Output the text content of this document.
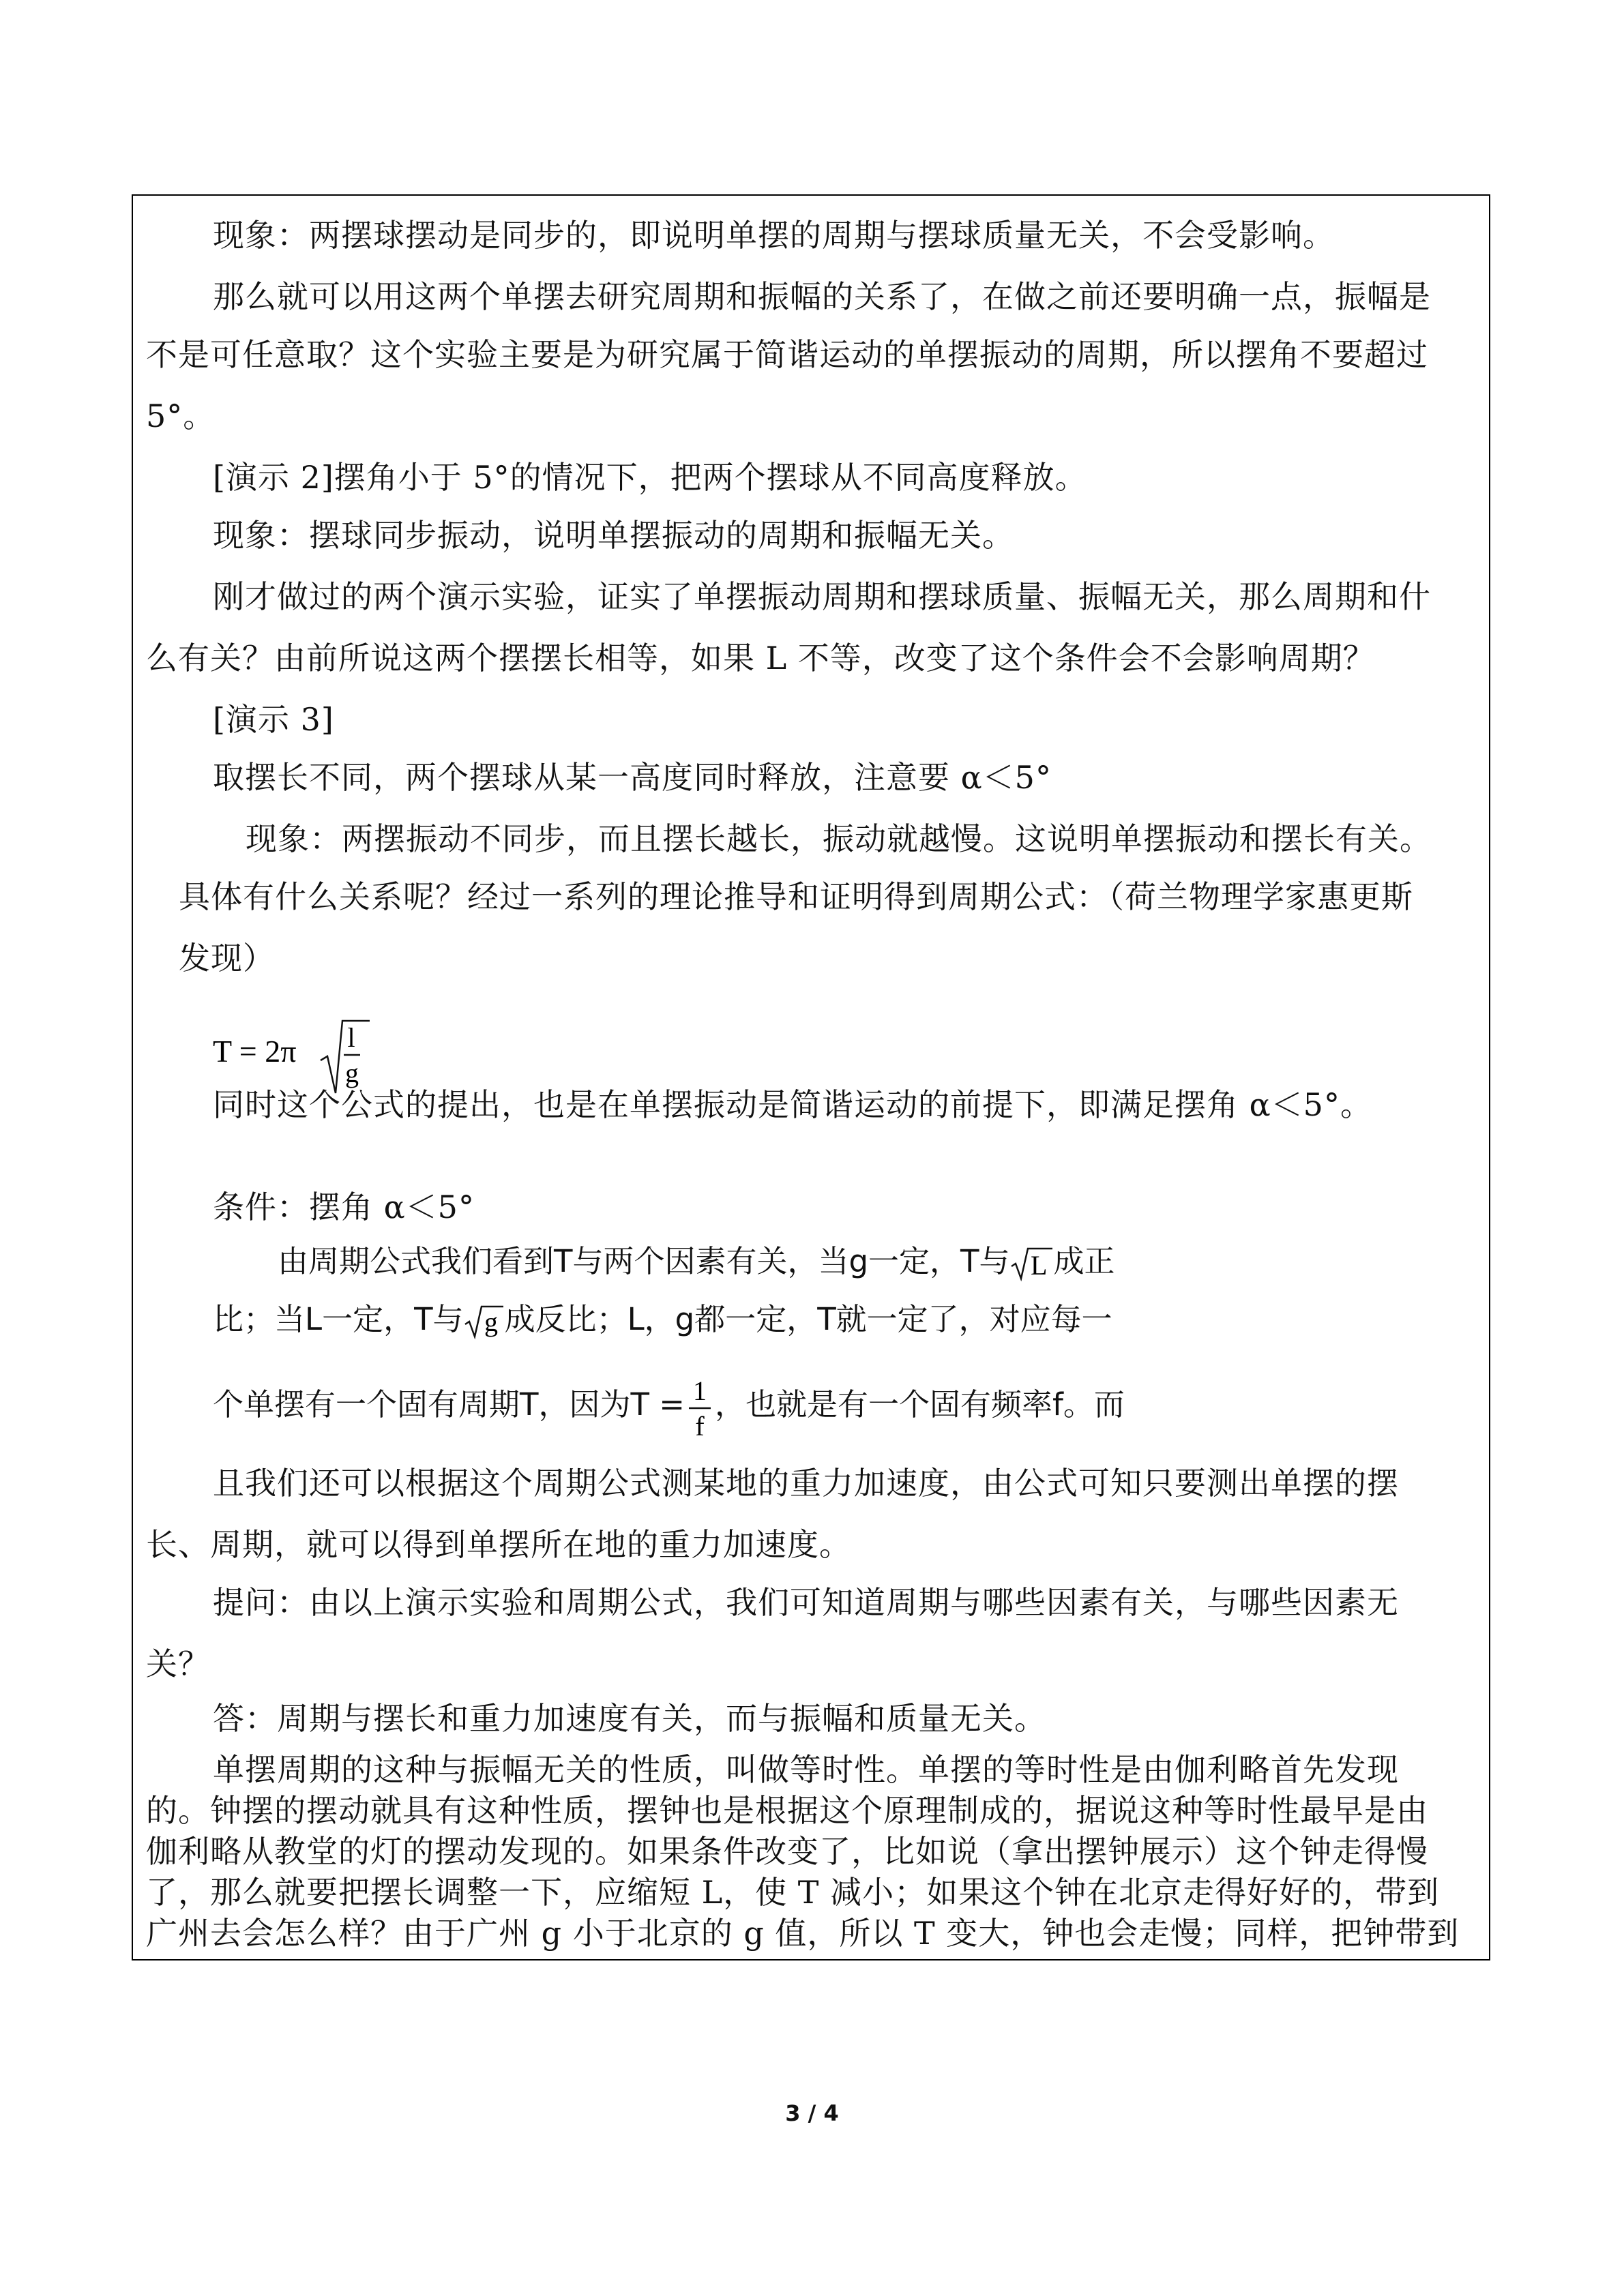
现象：两摆球摆动是同步的，即说明单摆的周期与摆球质量无关，不会受影响。

那么就可以用这两个单摆去研究周期和振幅的关系了，在做之前还要明确一点，振幅是

不是可任意取？这个实验主要是为研究属于简谐运动的单摆振动的周期，所以摆角不要超过

5°。

[演示 2]摆角小于 5°的情况下，把两个摆球从不同高度释放。

现象：摆球同步振动，说明单摆振动的周期和振幅无关。

刚才做过的两个演示实验，证实了单摆振动周期和摆球质量、振幅无关，那么周期和什

么有关？由前所说这两个摆摆长相等，如果 L 不等，改变了这个条件会不会影响周期？

[演示 3]

取摆长不同，两个摆球从某一高度同时释放，注意要 α＜5°

现象：两摆振动不同步，而且摆长越长，振动就越慢。这说明单摆振动和摆长有关。

具体有什么关系呢？经过一系列的理论推导和证明得到周期公式：（荷兰物理学家惠更斯

发现）

T = 2π l
g

同时这个公式的提出，也是在单摆振动是简谐运动的前提下，即满足摆角 α＜5°。

条件：摆角 α＜5°

由周期公式我们看到T与两个因素有关，当g一定，T与 L 成正

比；当L一定，T与 g 成反比；L，g都一定，T就一定了，对应每一

个单摆有一个固有周期T，因为T = 1
f
，也就是有一个固有频率f。而

且我们还可以根据这个周期公式测某地的重力加速度，由公式可知只要测出单摆的摆

长、周期，就可以得到单摆所在地的重力加速度。

提问：由以上演示实验和周期公式，我们可知道周期与哪些因素有关，与哪些因素无

关？

答：周期与摆长和重力加速度有关，而与振幅和质量无关。

单摆周期的这种与振幅无关的性质，叫做等时性。单摆的等时性是由伽利略首先发现

的。钟摆的摆动就具有这种性质，摆钟也是根据这个原理制成的，据说这种等时性最早是由

伽利略从教堂的灯的摆动发现的。如果条件改变了，比如说（拿出摆钟展示）这个钟走得慢

3 / 4

了，那么就要把摆长调整一下，应缩短 L，使 T 减小；如果这个钟在北京走得好好的，带到

广州去会怎么样？由于广州 g 小于北京的 g 值，所以 T 变大，钟也会走慢；同样，把钟带到
